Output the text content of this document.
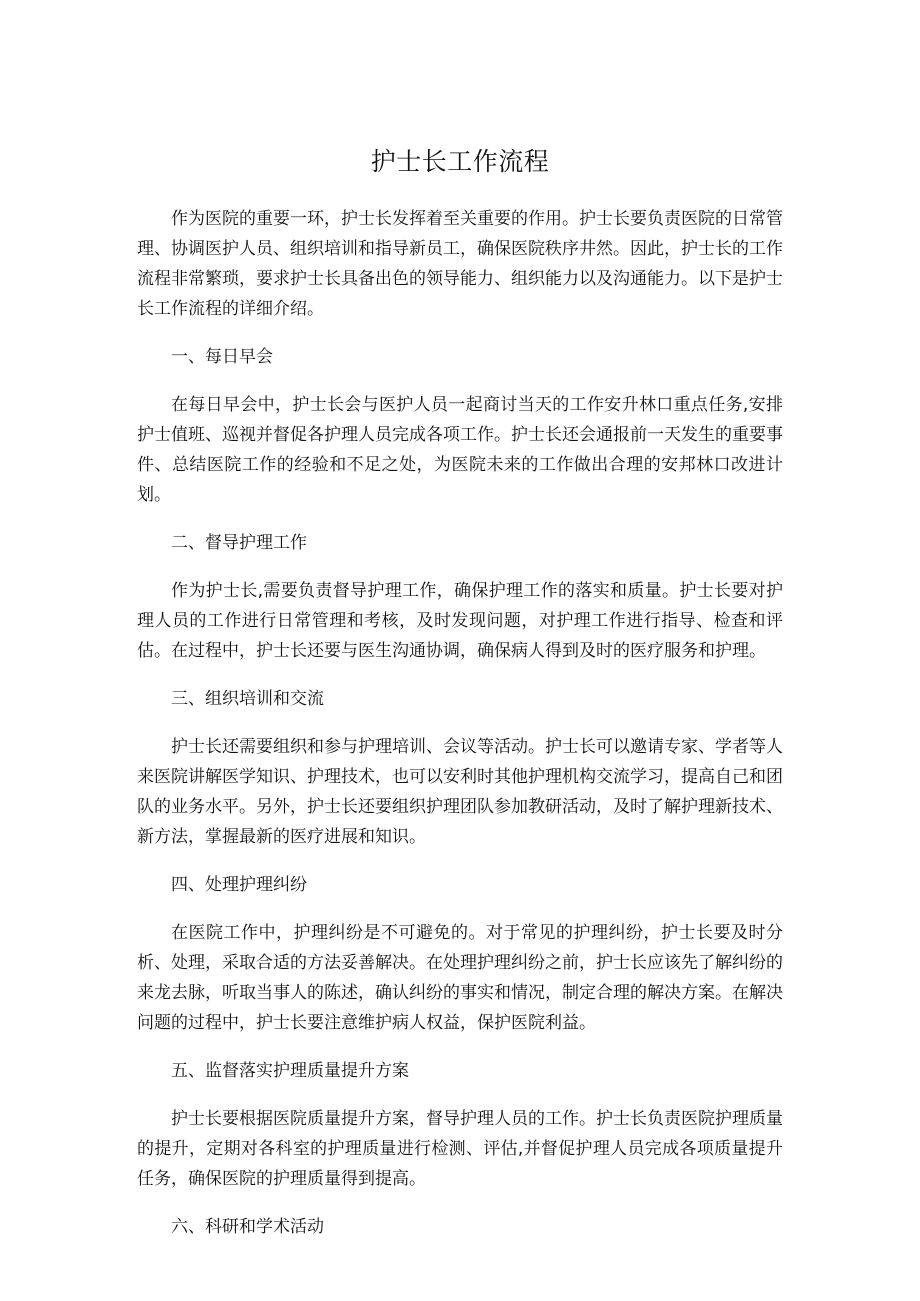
护士长工作流程

作为医院的重要一环，护士长发挥着至关重要的作用。护士长要负责医院的日常管理、协调医护人员、组织培训和指导新员工，确保医院秩序井然。因此，护士长的工作流程非常繁琐，要求护士长具备出色的领导能力、组织能力以及沟通能力。以下是护士长工作流程的详细介绍。

一、每日早会

在每日早会中，护士长会与医护人员一起商讨当天的工作安升林口重点任务,安排护士值班、巡视并督促各护理人员完成各项工作。护士长还会通报前一天发生的重要事件、总结医院工作的经验和不足之处，为医院未来的工作做出合理的安邦林口改进计划。

二、督导护理工作

作为护士长,需要负责督导护理工作，确保护理工作的落实和质量。护士长要对护理人员的工作进行日常管理和考核，及时发现问题，对护理工作进行指导、检查和评估。在过程中，护士长还要与医生沟通协调，确保病人得到及时的医疗服务和护理。

三、组织培训和交流

护士长还需要组织和参与护理培训、会议等活动。护士长可以邀请专家、学者等人来医院讲解医学知识、护理技术，也可以安利时其他护理机构交流学习，提高自己和团队的业务水平。另外，护士长还要组织护理团队参加教研活动，及时了解护理新技术、新方法，掌握最新的医疗进展和知识。

四、处理护理纠纷

在医院工作中，护理纠纷是不可避免的。对于常见的护理纠纷，护士长要及时分析、处理，采取合适的方法妥善解决。在处理护理纠纷之前，护士长应该先了解纠纷的来龙去脉，听取当事人的陈述，确认纠纷的事实和情况，制定合理的解决方案。在解决问题的过程中，护士长要注意维护病人权益，保护医院利益。

五、监督落实护理质量提升方案

护士长要根据医院质量提升方案，督导护理人员的工作。护士长负责医院护理质量的提升，定期对各科室的护理质量进行检测、评估,并督促护理人员完成各项质量提升任务，确保医院的护理质量得到提高。

六、科研和学术活动
